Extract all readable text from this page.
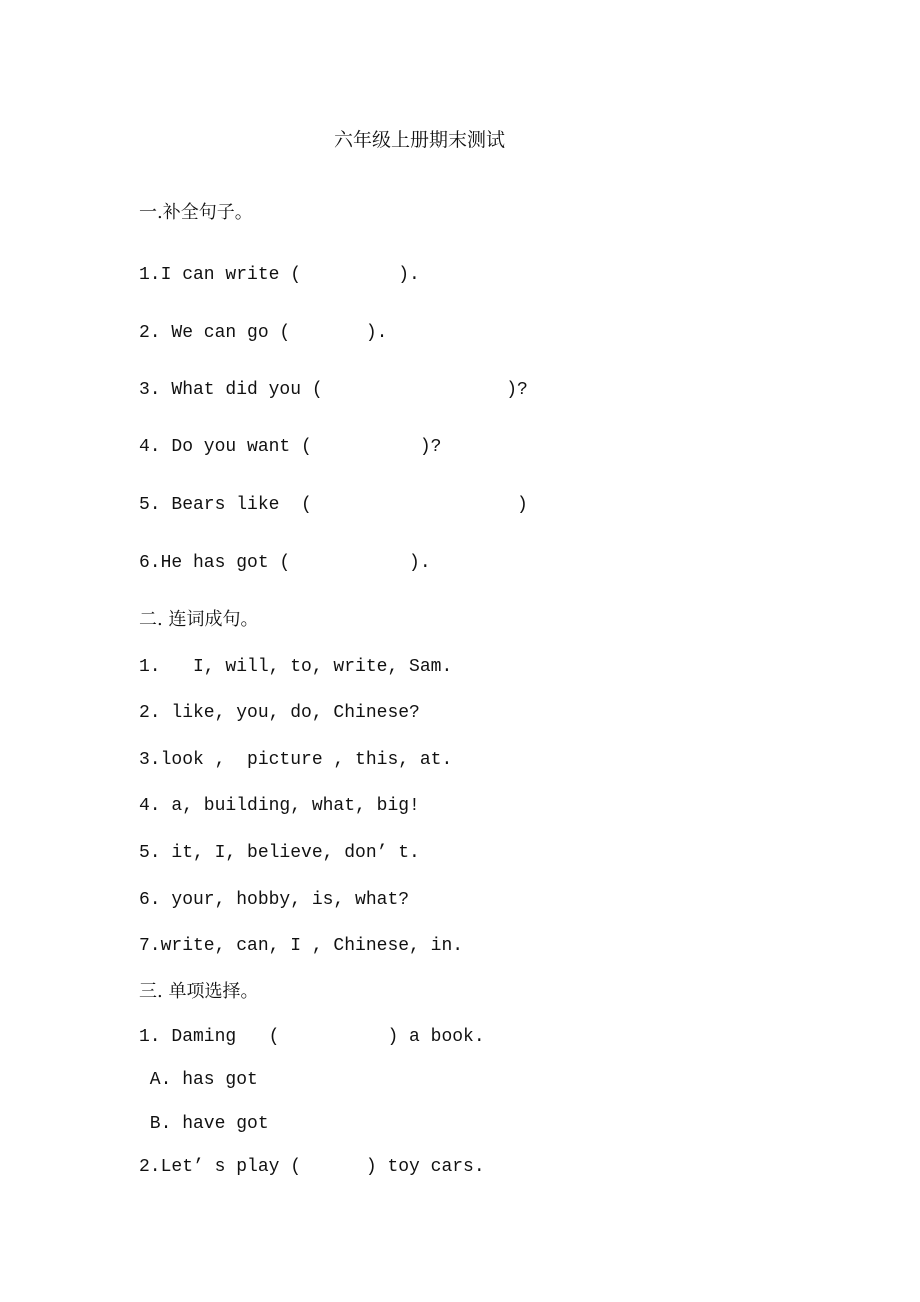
六年级上册期末测试
一.补全句子。
1.I can write (         ).
2. We can go (       ).
3. What did you (                 )?
4. Do you want (          )?
5. Bears like  (                   )
6.He has got (           ).
二. 连词成句。
1.   I, will, to, write, Sam.
2. like, you, do, Chinese?
3.look ,  picture , this, at.
4. a, building, what, big!
5. it, I, believe, don’ t.
6. your, hobby, is, what?
7.write, can, I , Chinese, in.
三. 单项选择。
1. Daming   (          ) a book.
A. has got
B. have got
2.Let’ s play (      ) toy cars.
